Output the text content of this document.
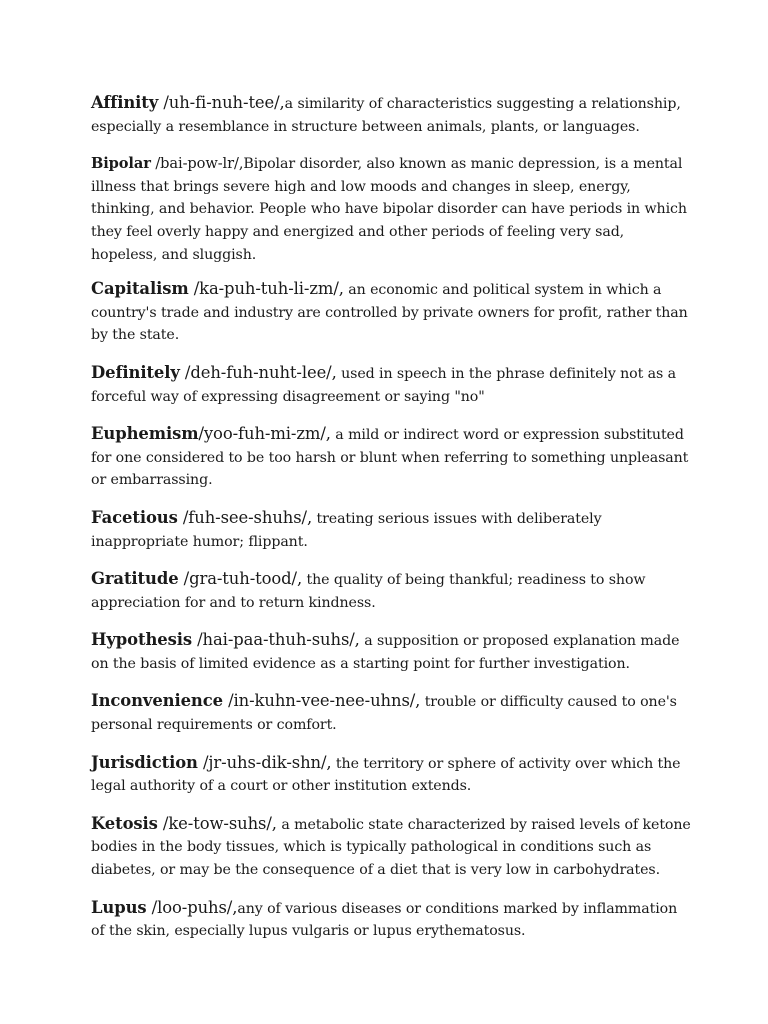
Affinity /uh-fi-nuh-tee/,a similarity of characteristics suggesting a relationship, especially a resemblance in structure between animals, plants, or languages.

Bipolar /bai-pow-lr/,Bipolar disorder, also known as manic depression, is a mental illness that brings severe high and low moods and changes in sleep, energy, thinking, and behavior. People who have bipolar disorder can have periods in which they feel overly happy and energized and other periods of feeling very sad, hopeless, and sluggish.

Capitalism /ka-puh-tuh-li-zm/, an economic and political system in which a country's trade and industry are controlled by private owners for profit, rather than by the state.

Definitely /deh-fuh-nuht-lee/, used in speech in the phrase definitely not as a forceful way of expressing disagreement or saying "no"

Euphemism/yoo-fuh-mi-zm/, a mild or indirect word or expression substituted for one considered to be too harsh or blunt when referring to something unpleasant or embarrassing.

Facetious /fuh-see-shuhs/, treating serious issues with deliberately inappropriate humor; flippant.

Gratitude /gra-tuh-tood/, the quality of being thankful; readiness to show appreciation for and to return kindness.

Hypothesis /hai-paa-thuh-suhs/, a supposition or proposed explanation made on the basis of limited evidence as a starting point for further investigation.

Inconvenience /in-kuhn-vee-nee-uhns/, trouble or difficulty caused to one's personal requirements or comfort.

Jurisdiction /jr-uhs-dik-shn/, the territory or sphere of activity over which the legal authority of a court or other institution extends.

Ketosis /ke-tow-suhs/, a metabolic state characterized by raised levels of ketone bodies in the body tissues, which is typically pathological in conditions such as diabetes, or may be the consequence of a diet that is very low in carbohydrates.

Lupus /loo-puhs/,any of various diseases or conditions marked by inflammation of the skin, especially lupus vulgaris or lupus erythematosus.
